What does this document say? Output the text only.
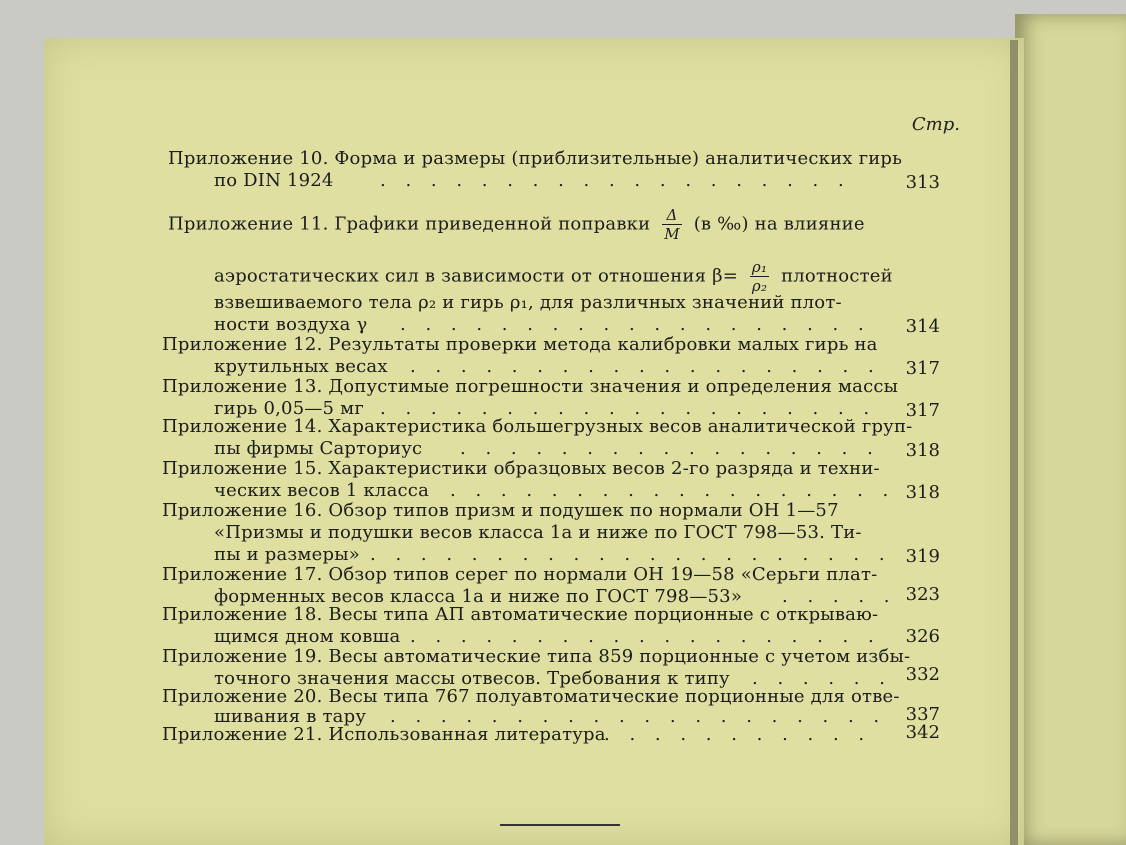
Стр.
Приложение 10. Форма и размеры (приблизительные) аналитических гирь
по DIN 1924	. . . . . . . . . . . . . . . . . . .	313
Приложение 11. Графики приведенной поправки $\frac{\Delta}{M} (в$ ‰) на влияние
аэростатических сил в зависимости от отношения $\beta= \frac{\text{ρ₁}}{\text{ρ₂}}$ плотностей
взвешиваемого тела ρ₂ и гирь ρ₁, для различных значений плот-
ности воздуха γ . . . . . . . . . . . . . . . . . . . 314
Приложение 12. Результаты проверки метода калибровки малых гирь на
крутильных весах . . . . . . . . . . . . . . . . . . . 317
Приложение 13. Допустимые погрешности значения и определения массы
гирь 0,05—5 мг . . . . . . . . . . . . . . . . . . . . 317
Приложение 14. Характеристика большегрузных весов аналитической груп-
пы фирмы Сарториус . . . . . . . . . . . . . . . . . 318
Приложение 15. Характеристики образцовых весов 2-го разряда и техни-
ческих весов 1 класса . . . . . . . . . . . . . . . . . . 318
Приложение 16. Обзор типов призм и подушек по нормали ОН 1—57
«Призмы и подушки весов класса 1а и ниже по ГОСТ 798—53. Ти-
пы и размеры» . . . . . . . . . . . . . . . . . . . . . 319
Приложение 17. Обзор типов серег по нормали ОН 19—58 «Серьги плат-
форменных весов класса 1а и ниже по ГОСТ 798—53» . . . . . 323
Приложение 18. Весы типа АП автоматические порционные с открываю-
щимся дном ковша . . . . . . . . . . . . . . . . . . . 326
Приложение 19. Весы автоматические типа 859 порционные с учетом избы-
точного значения массы отвесов. Требования к типу . . . . . . 332
Приложение 20. Весы типа 767 полуавтоматические порционные для отве-
шивания в тару . . . . . . . . . . . . . . . . . . . . 337
Приложение 21. Использованная литература
. . . . . . . . . . . 342
